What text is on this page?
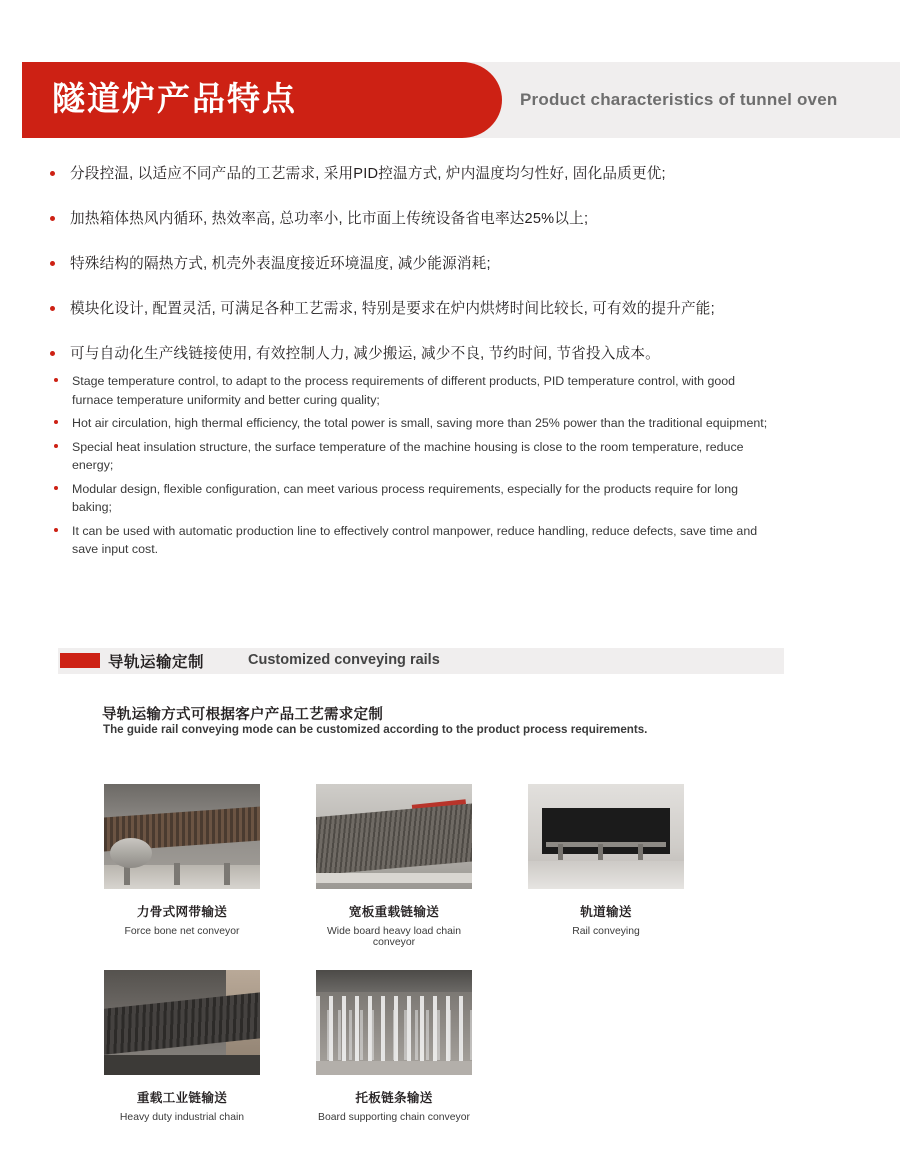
隧道炉产品特点	Product characteristics of tunnel oven
分段控温, 以适应不同产品的工艺需求, 采用PID控温方式, 炉内温度均匀性好, 固化品质更优;
加热箱体热风内循环, 热效率高, 总功率小, 比市面上传统设备省电率达25%以上;
特殊结构的隔热方式, 机壳外表温度接近环境温度, 减少能源消耗;
模块化设计, 配置灵活, 可满足各种工艺需求, 特别是要求在炉内烘烤时间比较长, 可有效的提升产能;
可与自动化生产线链接使用, 有效控制人力, 减少搬运, 减少不良, 节约时间, 节省投入成本。
Stage temperature control, to adapt to the process requirements of different products, PID temperature control, with good furnace temperature uniformity and better curing quality;
Hot air circulation, high thermal efficiency, the total power is small, saving more than 25% power than the traditional equipment;
Special heat insulation structure, the surface temperature of the machine housing is close to the room temperature, reduce energy;
Modular design, flexible configuration, can meet various process requirements, especially for the products require for long baking;
It can be used with automatic production line to effectively control manpower, reduce handling, reduce defects, save time and save input cost.
导轨运输定制	Customized conveying rails
导轨运输方式可根据客户产品工艺需求定制
The guide rail conveying mode can be customized according to the product process requirements.
力骨式网带输送
Force bone net conveyor
宽板重载链输送
Wide board heavy load chain conveyor
轨道输送
Rail conveying
重载工业链输送
Heavy duty industrial chain
托板链条输送
Board supporting chain conveyor
